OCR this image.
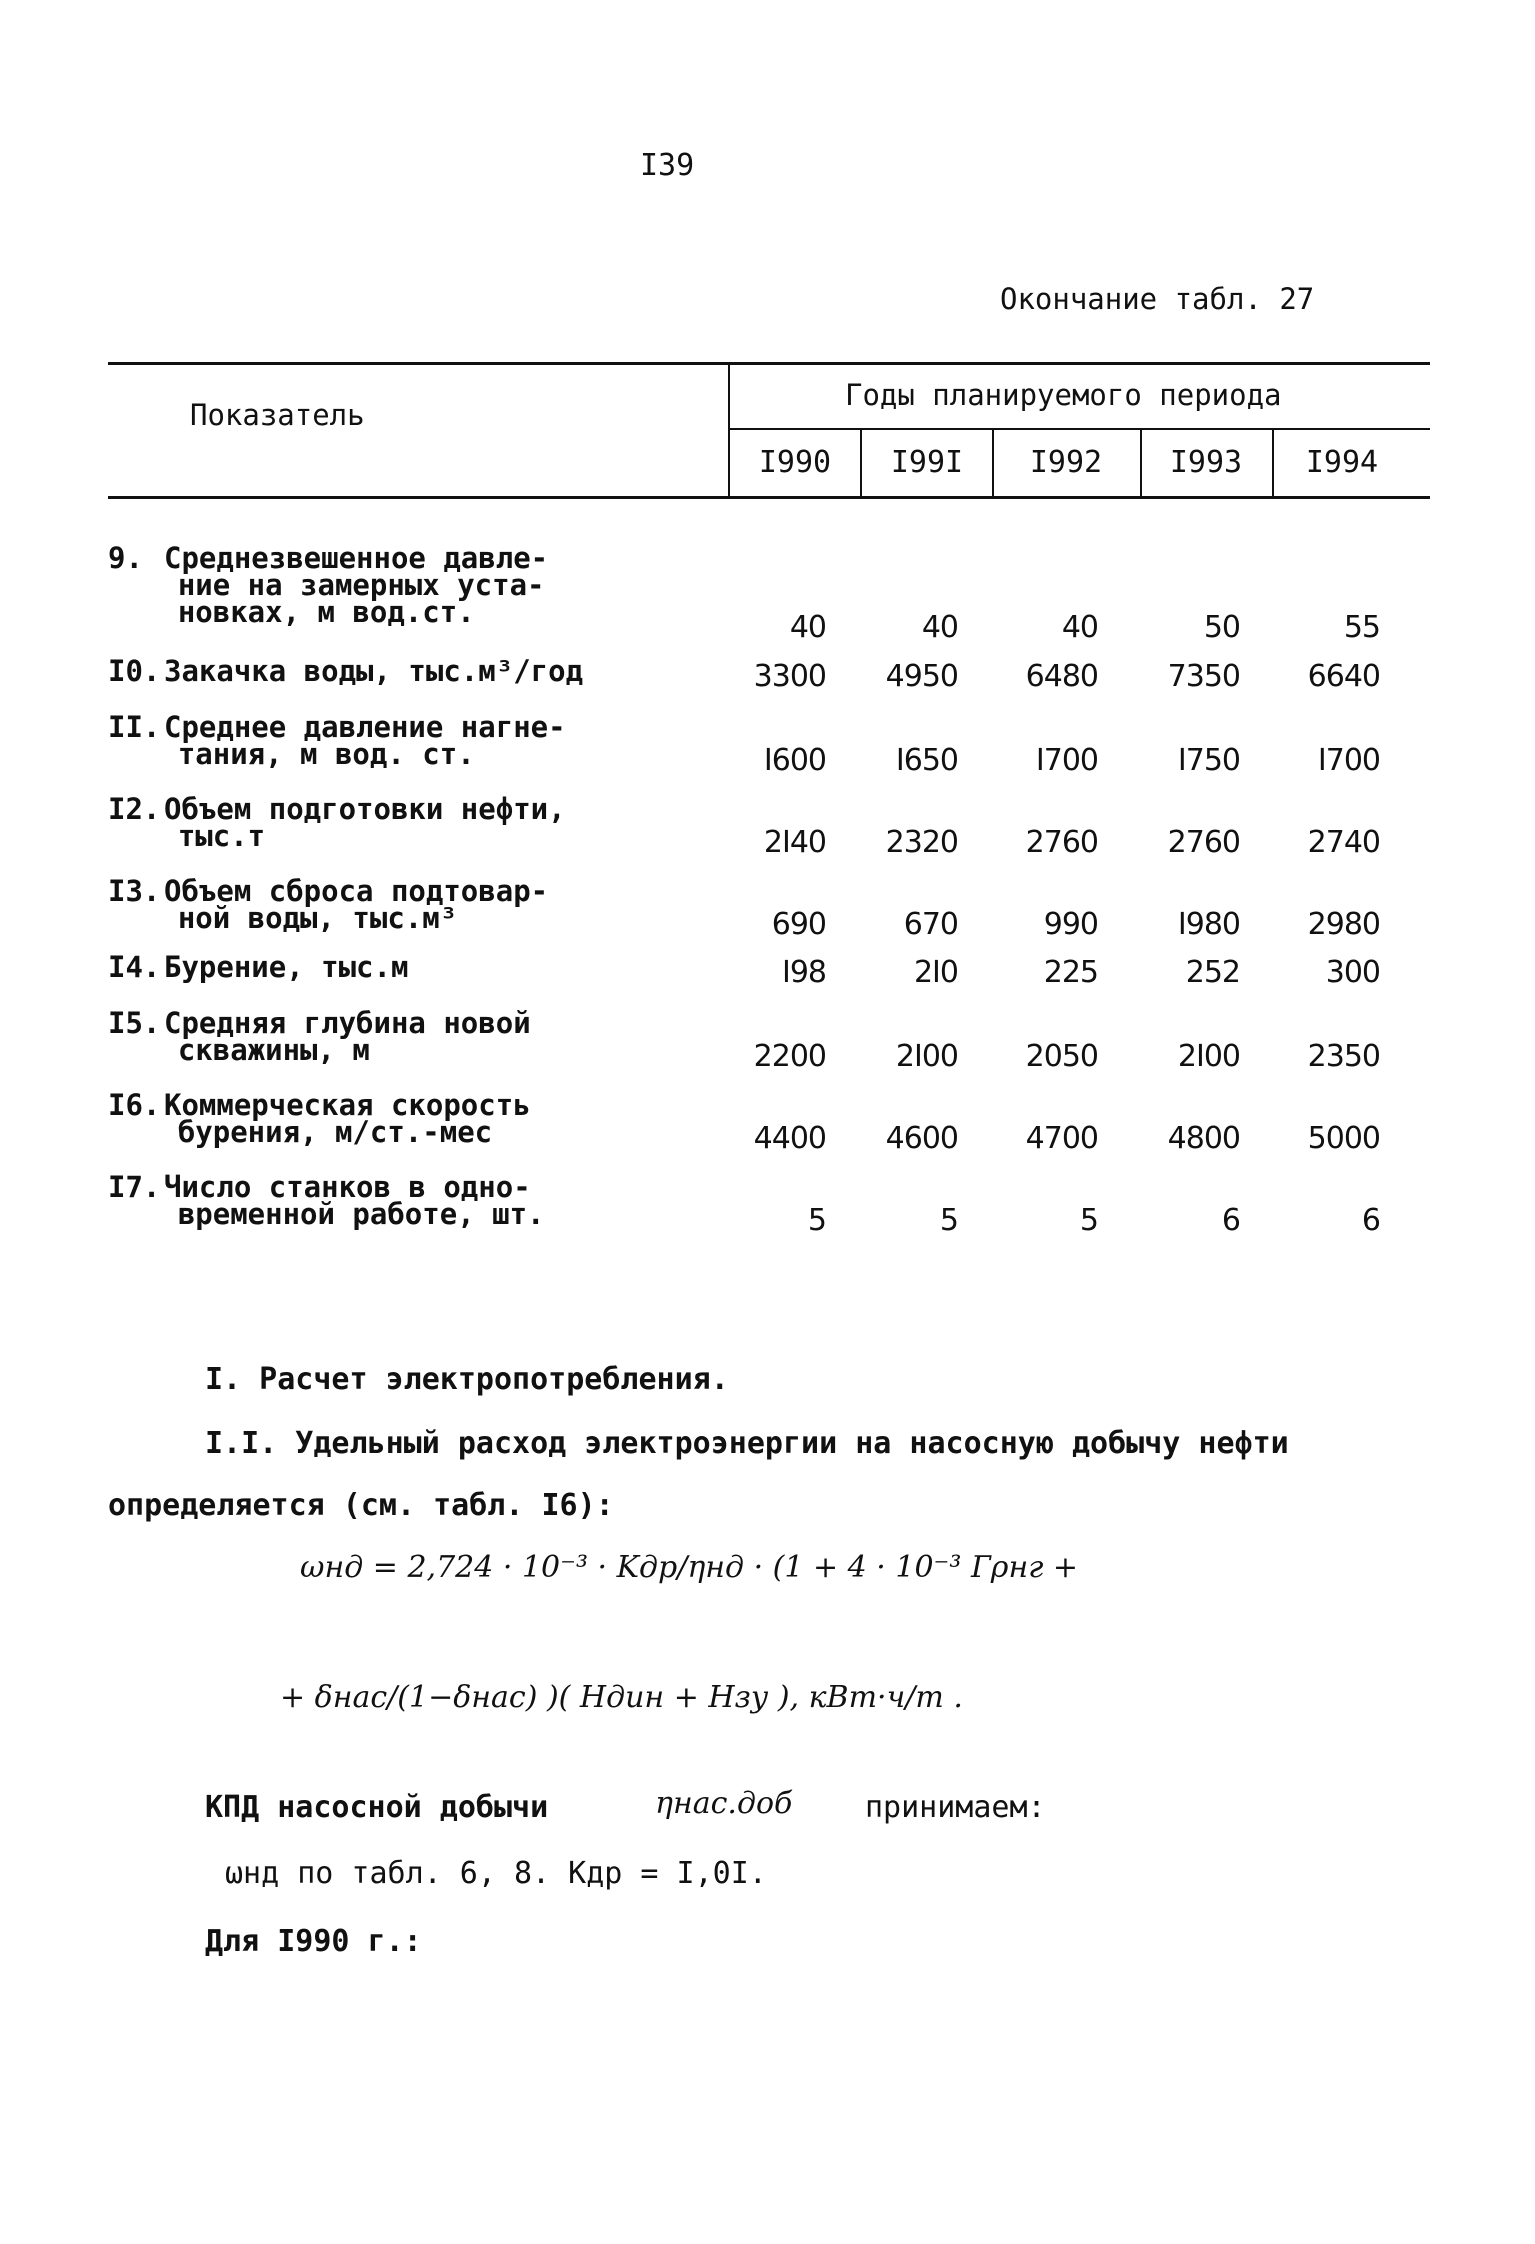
I39
Окончание табл. 27
Показатель
Годы планируемого периода
I990	I99I	I992	I993	I994
9. Среднезвешенное давле-
ние на замерных уста-
новках, м вод.ст.	40	40	40	50	55
I0. Закачка воды, тыс.м³/год	3300	4950	6480	7350	6640
II. Среднее давление нагне-
тания, м вод. ст.	I600	I650	I700	I750	I700
I2. Объем подготовки нефти,
тыс.т	2I40	2320	2760	2760	2740
I3. Объем сброса подтовар-
ной воды, тыс.м³	690	670	990	I980	2980
I4. Бурение, тыс.м	I98	2I0	225	252	300
I5. Средняя глубина новой
скважины, м	2200	2I00	2050	2I00	2350
I6. Коммерческая скорость
бурения, м/ст.-мес	4400	4600	4700	4800	5000
I7. Число станков в одно-
временной работе, шт.	5	5	5	6	6
I. Расчет электропотребления.
I.I. Удельный расход электроэнергии на насосную добычу нефти
определяется (см. табл. I6):
ωнд = 2,724 · 10⁻³ · Kдр/ηнд · (1 + 4 · 10⁻³ Гρнг +
+ δнас/(1−δнас) )( Hдин + Hзу ), кВт·ч/т .
КПД насосной добычи	ηнас.доб принимаем:
ωнд по табл. 6, 8. Kдр = I,0I.
Для I990 г.:
